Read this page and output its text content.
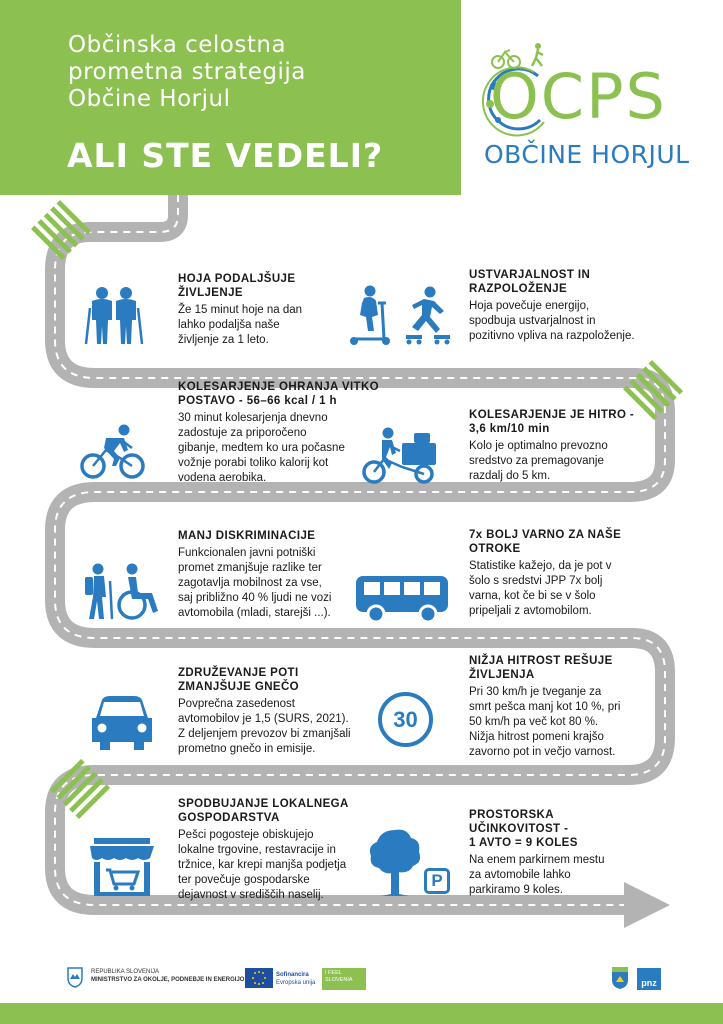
Občinska celostna
prometna strategija
Občine Horjul
ALI STE VEDELI?
OCPS
OBČINE HORJUL
HOJA PODALJŠUJE
ŽIVLJENJE

Že 15 minut hoje na dan
lahko podaljša naše
življenje za 1 leto.

USTVARJALNOST IN
RAZPOLOŽENJE

Hoja povečuje energijo,
spodbuja ustvarjalnost in
pozitivno vpliva na razpoloženje.

KOLESARJENJE OHRANJA VITKO
POSTAVO - 56–66 kcal / 1 h

30 minut kolesarjenja dnevno
zadostuje za priporočeno
gibanje, medtem ko ura počasne
vožnje porabi toliko kalorij kot
vodena aerobika.

KOLESARJENJE JE HITRO -
3,6 km/10 min

Kolo je optimalno prevozno
sredstvo za premagovanje
razdalj do 5 km.

MANJ DISKRIMINACIJE

Funkcionalen javni potniški
promet zmanjšuje razlike ter
zagotavlja mobilnost za vse,
saj približno 40 % ljudi ne vozi
avtomobila (mladi, starejši ...).

7x BOLJ VARNO ZA NAŠE
OTROKE

Statistike kažejo, da je pot v
šolo s sredstvi JPP 7x bolj
varna, kot če bi se v šolo
pripeljali z avtomobilom.

ZDRUŽEVANJE POTI
ZMANJŠUJE GNEČO

Povprečna zasedenost
avtomobilov je 1,5 (SURS, 2021).
Z deljenjem prevozov bi zmanjšali
prometno gnečo in emisije.

NIŽJA HITROST REŠUJE
ŽIVLJENJA

Pri 30 km/h je tveganje za
smrt pešca manj kot 10 %, pri
50 km/h pa več kot 80 %.
Nižja hitrost pomeni krajšo
zavorno pot in večjo varnost.

30
SPODBUJANJE LOKALNEGA
GOSPODARSTVA

Pešci pogosteje obiskujejo
lokalne trgovine, restavracije in
tržnice, kar krepi manjša podjetja
ter povečuje gospodarske
dejavnost v središčih naselij.

PROSTORSKA
UČINKOVITOST -
1 AVTO = 9 KOLES

Na enem parkirnem mestu
za avtomobile lahko
parkiramo 9 koles.

P
REPUBLIKA SLOVENIJA
MINISTRSTVO ZA OKOLJE, PODNEBJE IN ENERGIJO
Sofinancira
Evropska unija
I FEEL
SLOVENIA	pnz
